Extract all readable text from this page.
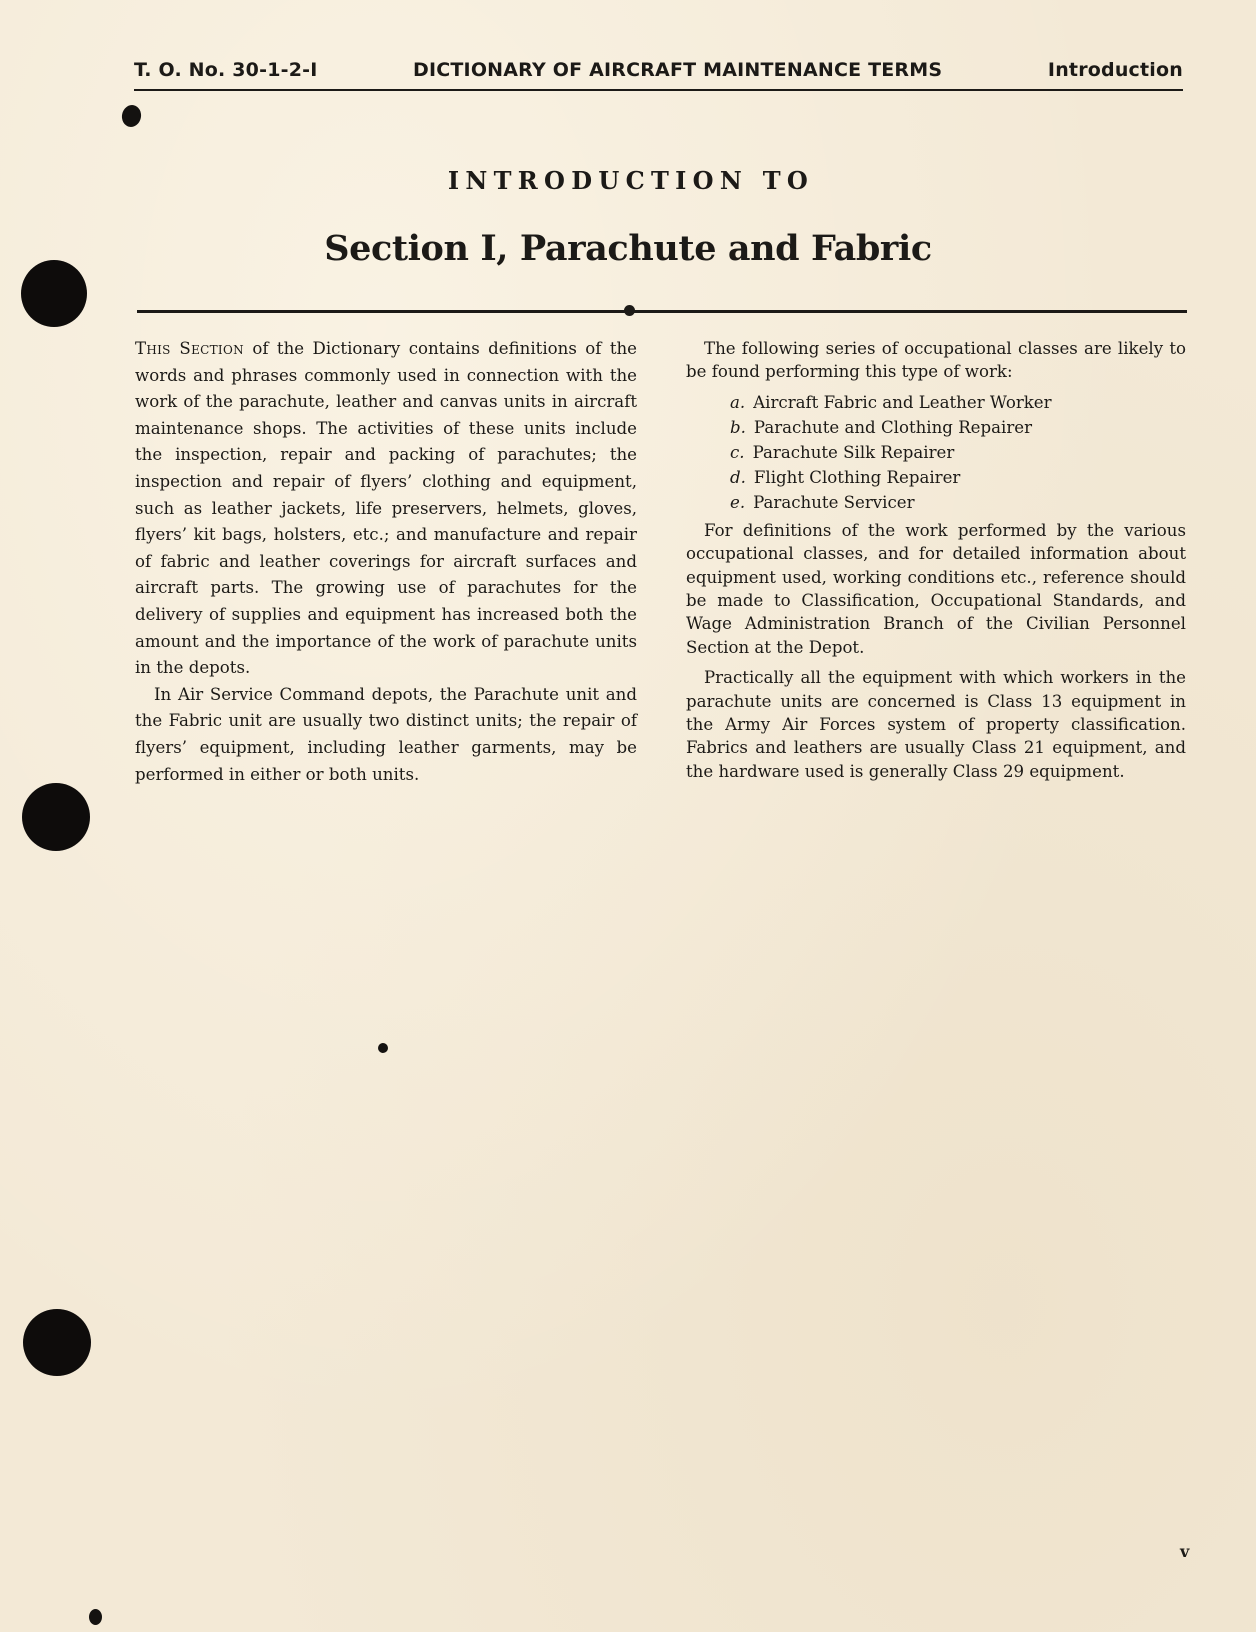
T. O. No. 30-1-2-I	DICTIONARY OF AIRCRAFT MAINTENANCE TERMS	Introduction
INTRODUCTION TO
Section I, Parachute and Fabric

This Section of the Dictionary contains definitions of the words and phrases commonly used in connection with the work of the parachute, leather and canvas units in aircraft maintenance shops. The activities of these units include the inspection, repair and packing of parachutes; the inspection and repair of flyers’ clothing and equipment, such as leather jackets, life preservers, helmets, gloves, flyers’ kit bags, holsters, etc.; and manufacture and repair of fabric and leather coverings for aircraft surfaces and aircraft parts. The growing use of parachutes for the delivery of supplies and equipment has increased both the amount and the importance of the work of parachute units in the depots.

In Air Service Command depots, the Parachute unit and the Fabric unit are usually two distinct units; the repair of flyers’ equipment, including leather garments, may be performed in either or both units.

The following series of occupational classes are likely to be found performing this type of work:

a. Aircraft Fabric and Leather Worker
b. Parachute and Clothing Repairer
c. Parachute Silk Repairer
d. Flight Clothing Repairer
e. Parachute Servicer

For definitions of the work performed by the various occupational classes, and for detailed information about equipment used, working conditions etc., reference should be made to Classification, Occupational Standards, and Wage Administration Branch of the Civilian Personnel Section at the Depot.

Practically all the equipment with which workers in the parachute units are concerned is Class 13 equipment in the Army Air Forces system of property classification. Fabrics and leathers are usually Class 21 equipment, and the hardware used is generally Class 29 equipment.

v
